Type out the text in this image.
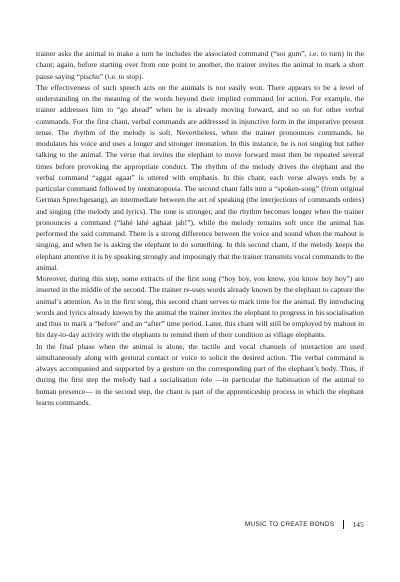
trainer asks the animal to make a turn he includes the associated command (“soi gum”, i.e. to turn) in the chant; again, before starting over from one point to another, the trainer invites the animal to mark a short pause saying “pischu” (i.e. to stop).

The effectiveness of such speech acts on the animals is not easily won. There appears to be a level of understanding on the meaning of the words beyond their implied command for action. For example, the trainer addresses him to “go ahead” when he is already moving forward, and so on for other verbal commands. For the first chant, verbal commands are addressed in injunctive form in the imperative present tense. The rhythm of the melody is soft. Nevertheless, when the trainer pronounces commands, he modulates his voice and uses a longer and stronger intonation. In this instance, he is not singing but rather talking to the animal. The verse that invites the elephant to move forward must then be repeated several times before provoking the appropriate conduct. The rhythm of the melody drives the elephant and the verbal command “aggat agaat” is uttered with emphasis. In this chant, each verse always ends by a particular command followed by onomatopoeia. The second chant falls into a “spoken-song” (from original German Sprechgesang), an intermediate between the act of speaking (the interjections of commands orders) and singing (the melody and lyrics). The tone is stronger, and the rhythm becomes longer when the trainer pronounces a command (“lahé lahé aghaat jah!”), while the melody remains soft once the animal has performed the said command. There is a strong difference between the voice and sound when the mahout is singing, and when he is asking the elephant to do something. In this second chant, if the melody keeps the elephant attentive it is by speaking strongly and imposingly that the trainer transmits vocal commands to the animal.

Moreover, during this step, some extracts of the first song (“hoy hoy, you know, you know hoy hoy”) are inserted in the middle of the second. The trainer re-uses words already known by the elephant to capture the animal’s attention. As in the first song, this second chant serves to mark time for the animal. By introducing words and lyrics already known by the animal the trainer invites the elephant to progress in his socialisation and thus to mark a “before” and an “after” time period. Later, this chant will still be employed by mahout in his day-to-day activity with the elephants to remind them of their condition as village elephants.

In the final phase when the animal is alone, the tactile and vocal channels of interaction are used simultaneously along with gestural contact or voice to solicit the desired action. The verbal command is always accompanied and supported by a gesture on the corresponding part of the elephant’s body. Thus, if during the first step the melody had a socialisation role —in particular the habituation of the animal to human presence— in the second step, the chant is part of the apprenticeship process in which the elephant learns commands.

MUSIC TO CREATE BONDS 145
